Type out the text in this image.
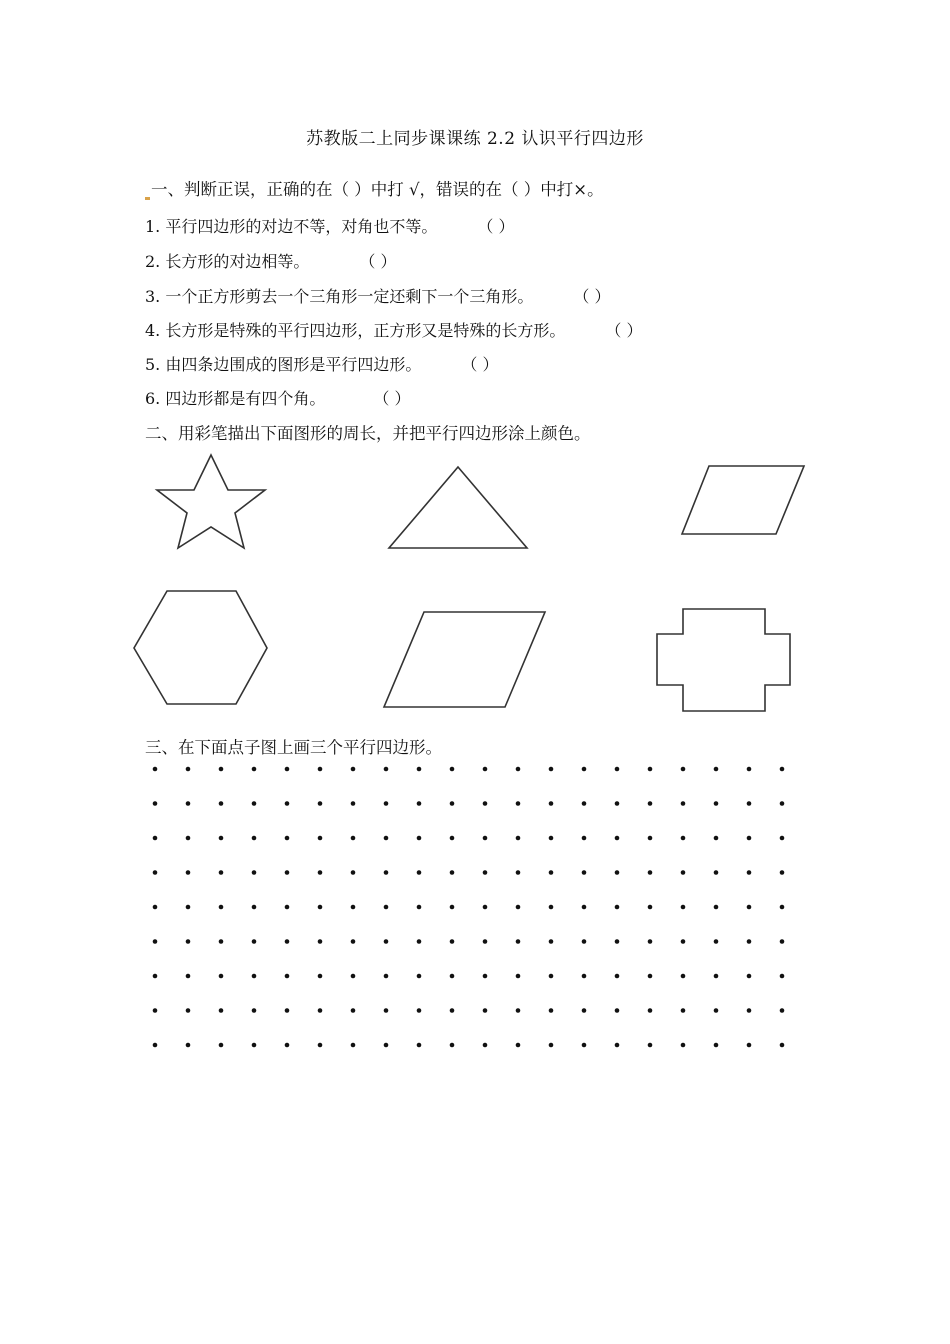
苏教版二上同步课课练 2.2 认识平行四边形
一、判断正误，正确的在（ ）中打 √，错误的在（ ）中打×。
1. 平行四边形的对边不等，对角也不等。	（ ）
2. 长方形的对边相等。	（ ）
3. 一个正方形剪去一个三角形一定还剩下一个三角形。	（ ）
4. 长方形是特殊的平行四边形，正方形又是特殊的长方形。	（ ）
5. 由四条边围成的图形是平行四边形。	（ ）
6. 四边形都是有四个角。	（ ）
二、用彩笔描出下面图形的周长，并把平行四边形涂上颜色。
三、在下面点子图上画三个平行四边形。
